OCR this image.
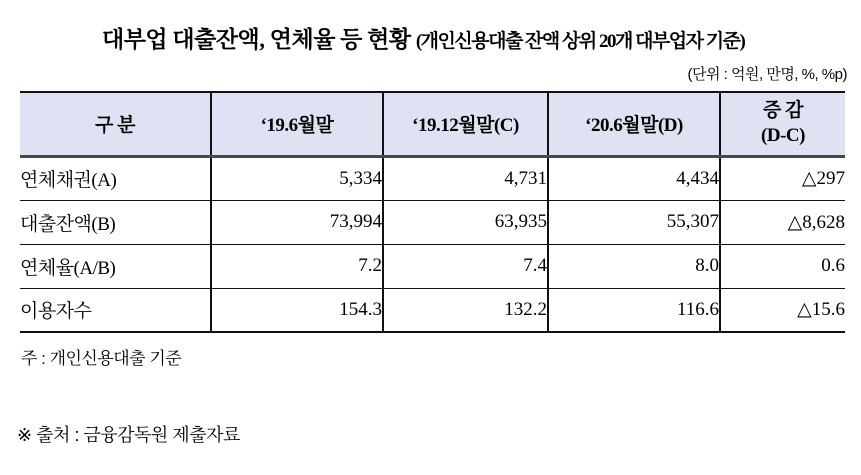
대부업 대출잔액, 연체율 등 현황 (개인신용대출 잔액 상위 20개 대부업자 기준)
(단위 : 억원, 만명, %, %p)
구 분	‘19.6월말	‘19.12월말(C)	‘20.6월말(D)	증 감
(D-C)

연체채권(A)	5,334	4,731	4,434	△297
대출잔액(B)	73,994	63,935	55,307	△8,628
연체율(A/B)	7.2	7.4	8.0	0.6
이용자수	154.3	132.2	116.6	△15.6
주 : 개인신용대출 기준
※ 출처 : 금융감독원 제출자료
